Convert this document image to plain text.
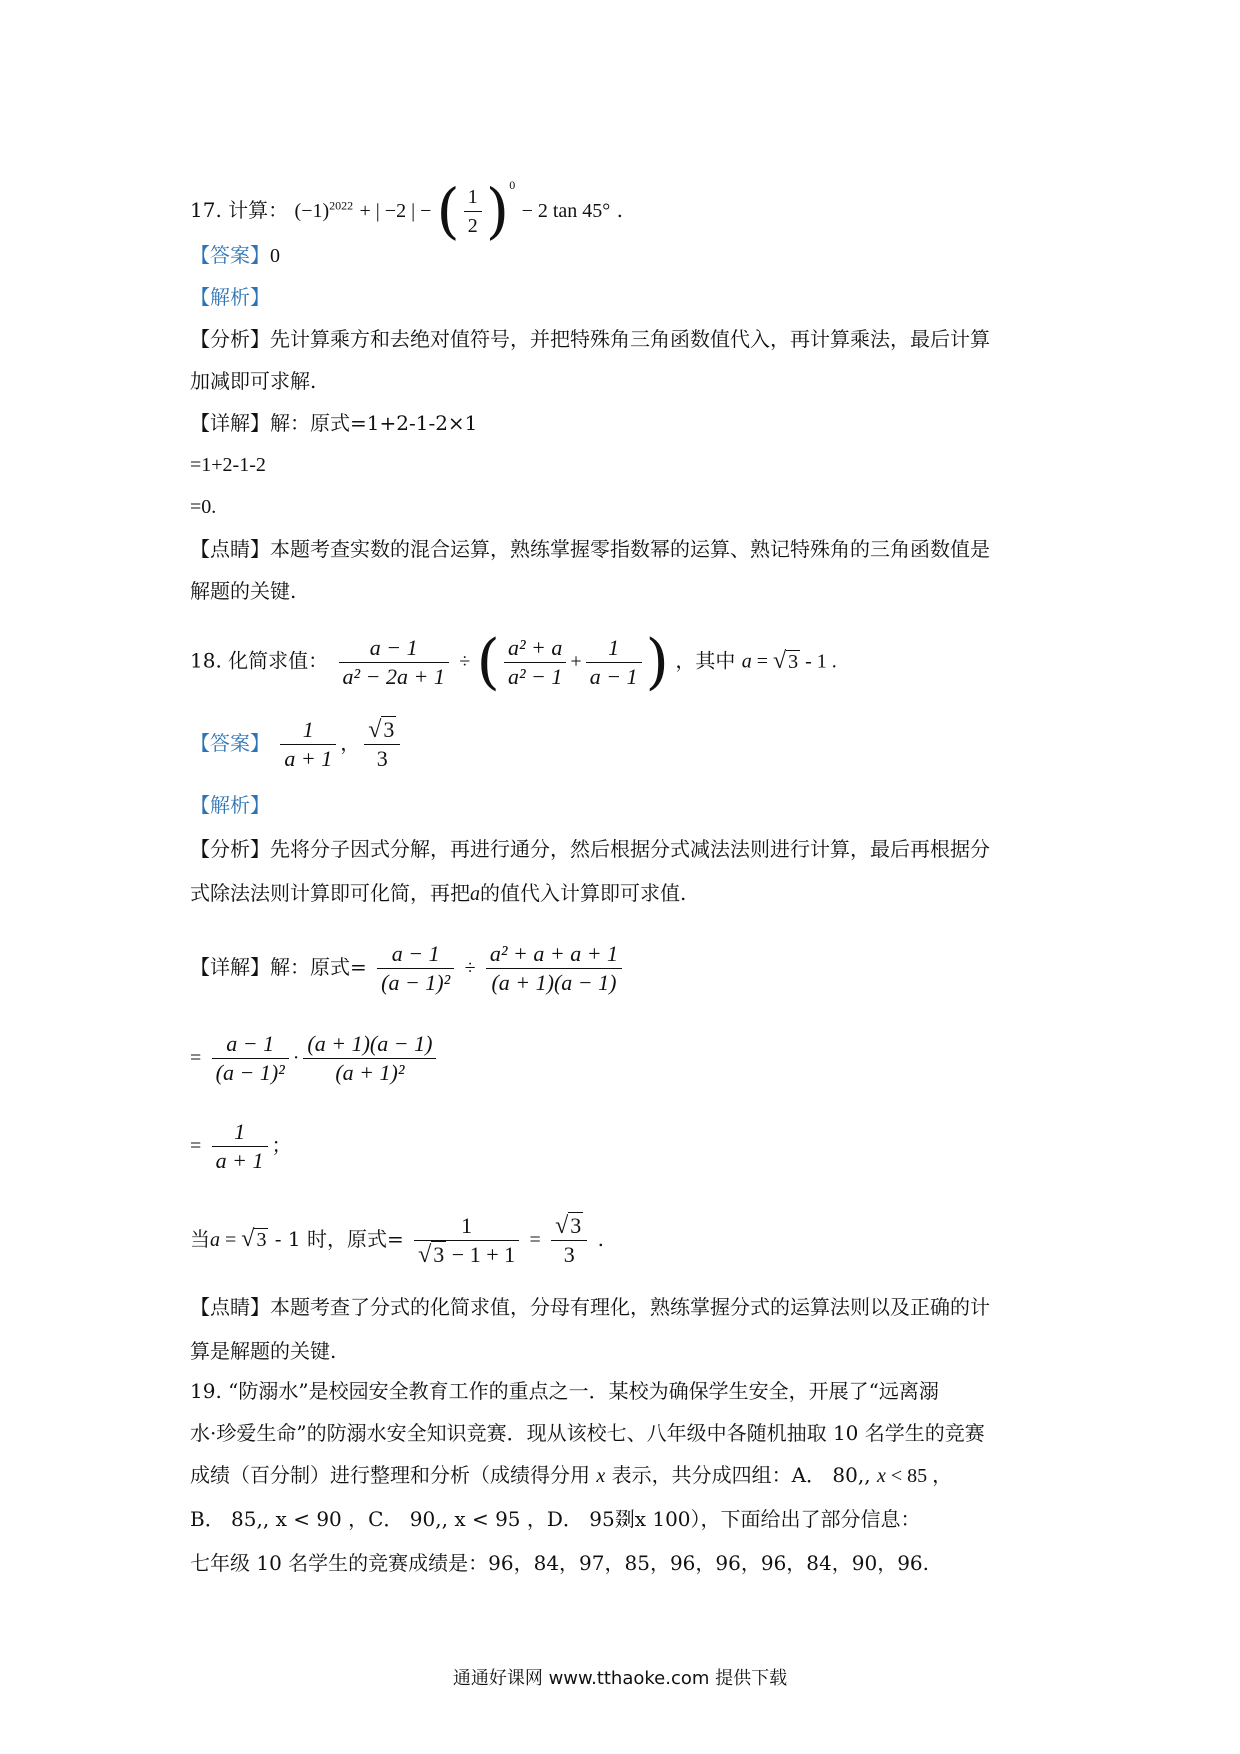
17. 计算： $(-1)^{2022}$ + | −2 | − ( $\frac{1}{2} )^0 - 2$ tan 45° .
【答案】0
【解析】
【分析】先计算乘方和去绝对值符号，并把特殊角三角函数值代入，再计算乘法，最后计算
加减即可求解.
【详解】解：原式=1+2-1-2×1
=1+2-1-2
=0.
【点睛】本题考查实数的混合运算，熟练掌握零指数幂的运算、熟记特殊角的三角函数值是
解题的关键.
18. 化简求值： $\frac{a - 1}{\text{a² − 2a + 1}}$ ÷ ( $\frac{\text{a² + a}}{\text{a² − 1}} + \frac{1}{a - 1}$ ) ，其中 a = √ 3 - 1 .
【答案】 $\frac{1}{a + 1}$ ， $\frac{√3}{3}$
【解析】
【分析】先将分子因式分解，再进行通分，然后根据分式减法法则进行计算，最后再根据分
式除法法则计算即可化简，再把a的值代入计算即可求值.
【详解】解：原式= $\frac{a - 1}{\text{(a − 1)²}} \div \frac{\text{a² + a + a + 1}}{(a + 1)(a - 1)}$
= $\frac{a - 1}{\text{(a − 1)²}} \cdot \frac{(a + 1)(a - 1)}{\text{(a + 1)²}}$
= $\frac{1}{a + 1}$ ；
当a = √ 3 - 1 时，原式= $\frac{1}{√3 - 1 + 1} = \frac{√3}{3}$ .
【点睛】本题考查了分式的化简求值，分母有理化，熟练掌握分式的运算法则以及正确的计
算是解题的关键.
19. “防溺水”是校园安全教育工作的重点之一．某校为确保学生安全，开展了“远离溺
水·珍爱生命”的防溺水安全知识竞赛．现从该校七、八年级中各随机抽取 10 名学生的竞赛
成绩（百分制）进行整理和分析（成绩得分用 x 表示，共分成四组：A． 80,, x < 85 ，
B． 85,, x < 90 ，C． 90,, x < 95 ，D． 95剟x 100），下面给出了部分信息：
七年级 10 名学生的竞赛成绩是：96，84，97，85，96，96，96，84，90，96.
通通好课网 www.tthaoke.com 提供下载
